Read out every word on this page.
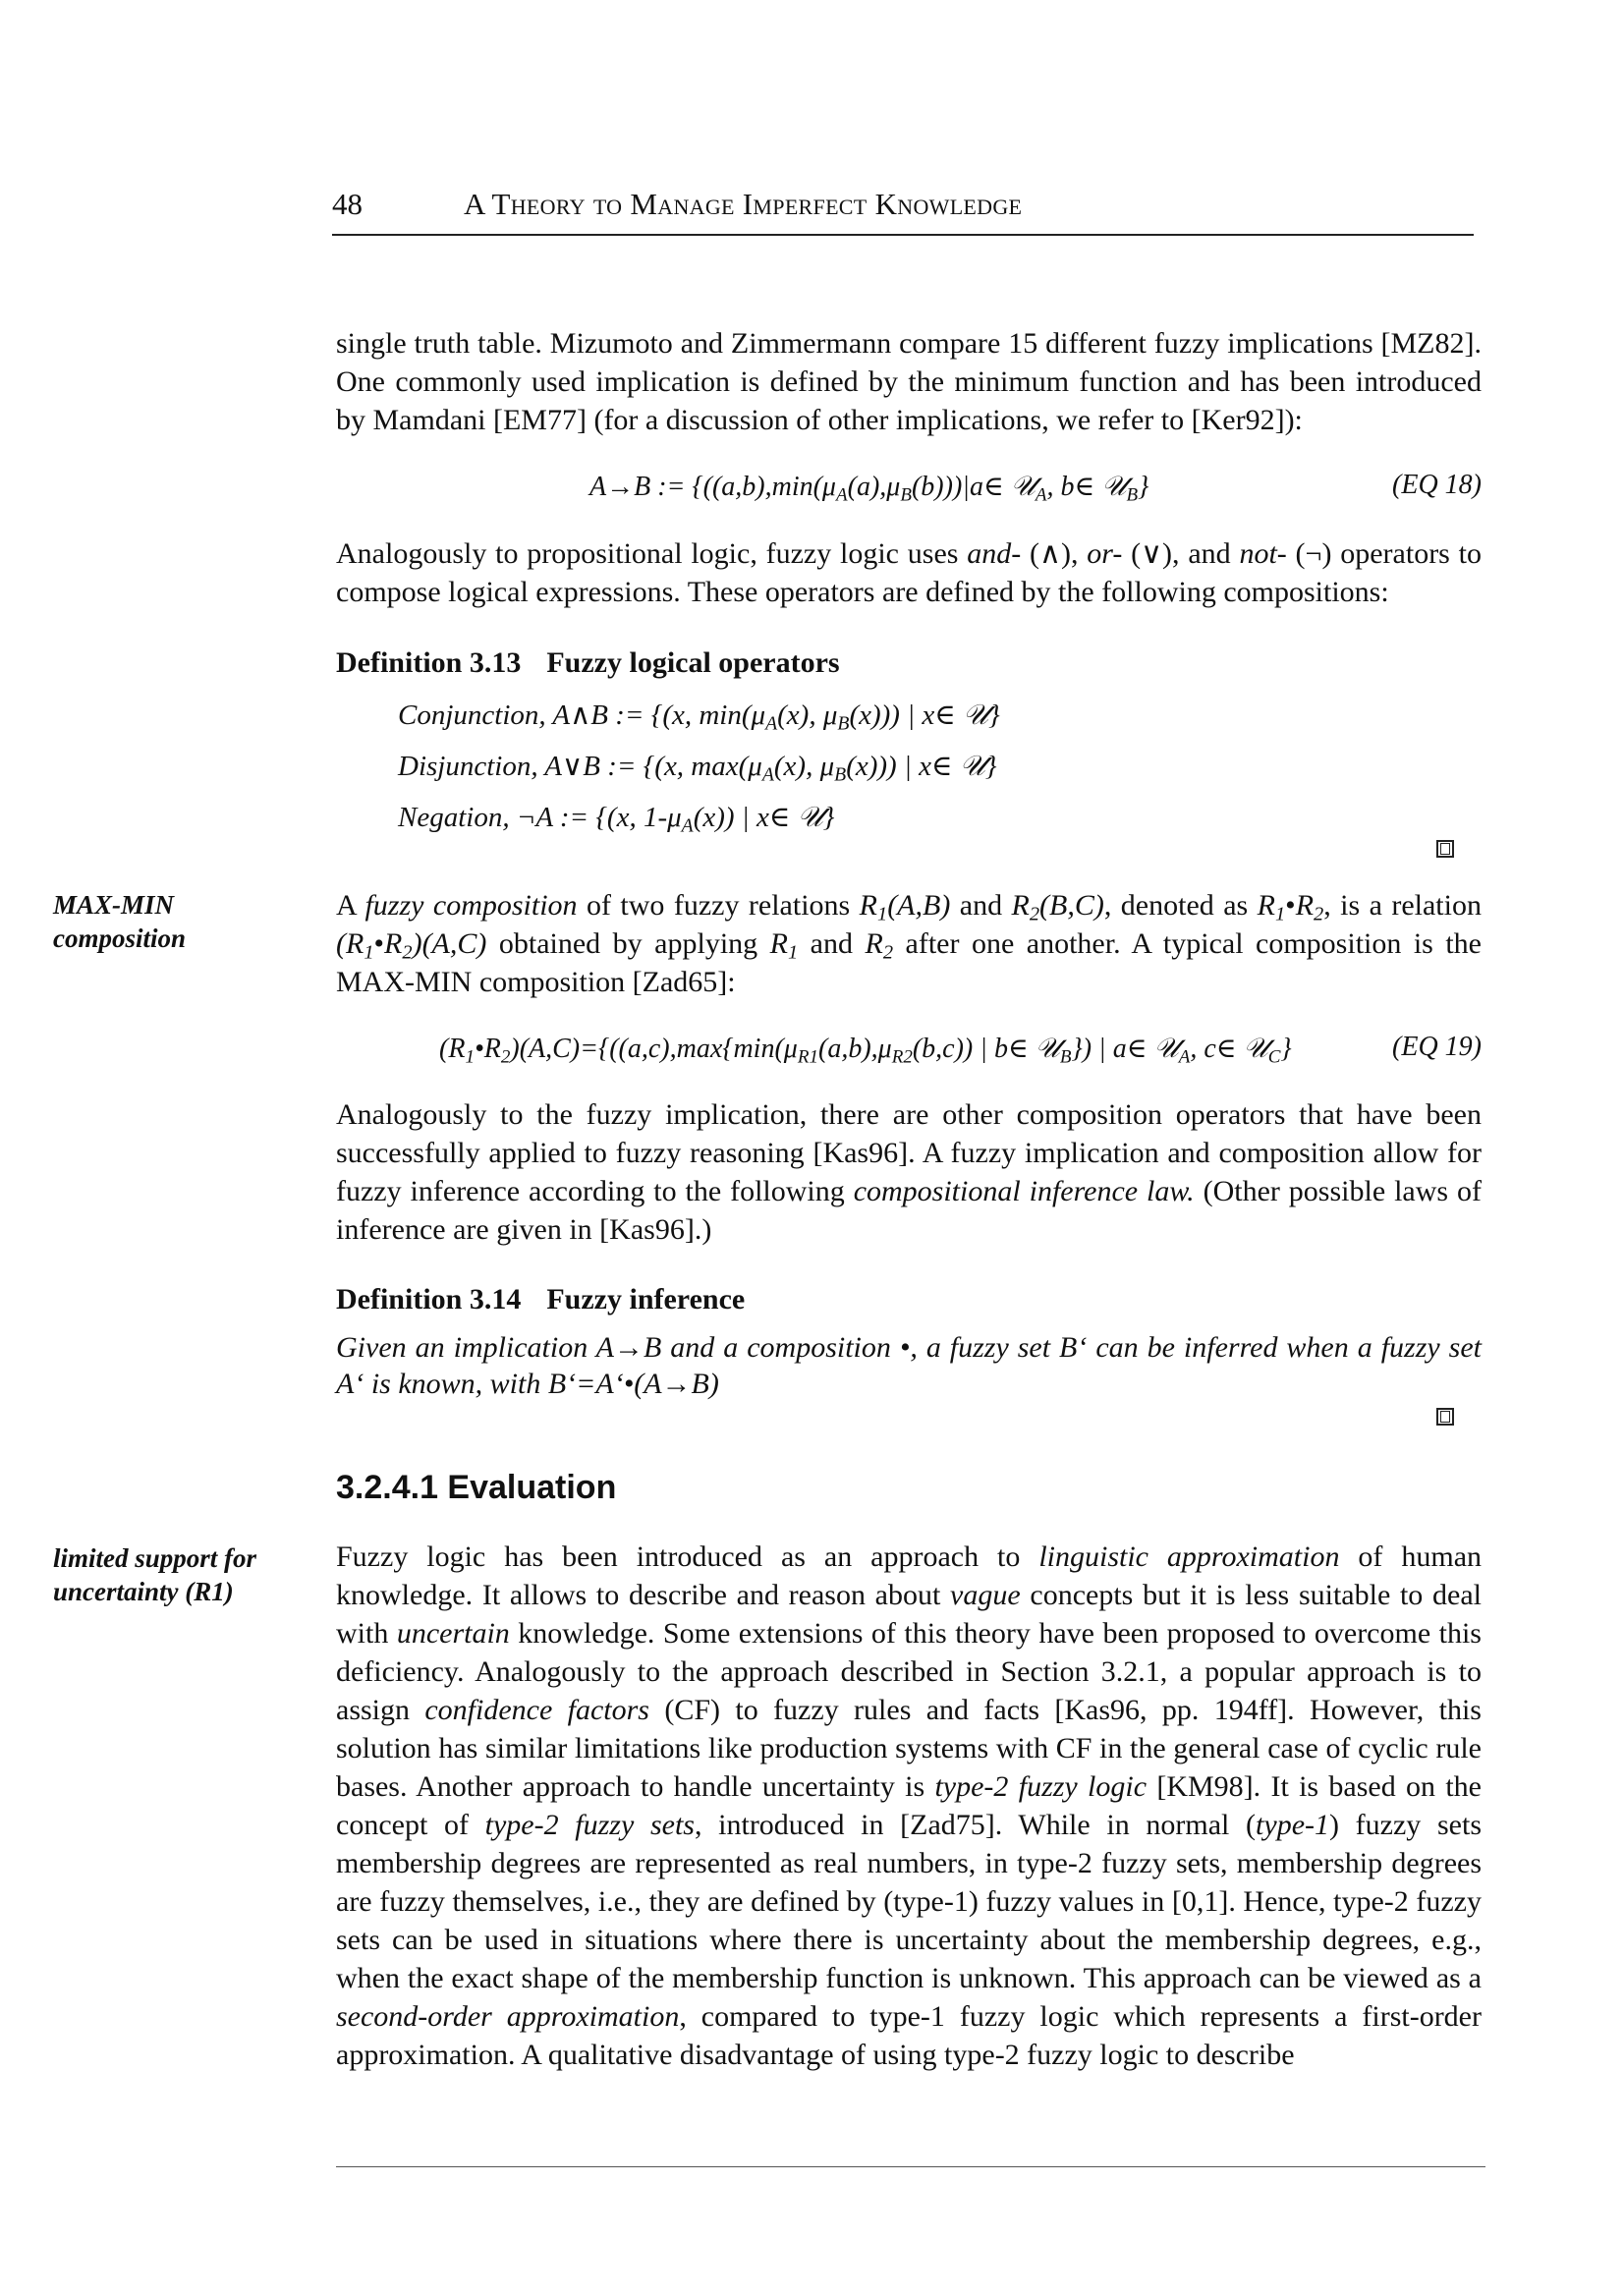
48	A Theory to Manage Imperfect Knowledge
single truth table. Mizumoto and Zimmermann compare 15 different fuzzy implications [MZ82]. One commonly used implication is defined by the minimum function and has been introduced by Mamdani [EM77] (for a discussion of other implications, we refer to [Ker92]):
A→B := {$((a,b),\min(\mu_A(a),\mu_B(b)))|a\in$ 𝒰$_A$, b∈ 𝒰$_B$}	(EQ 18)
Analogously to propositional logic, fuzzy logic uses and- (∧), or- (∨), and not- (¬) operators to compose logical expressions. These operators are defined by the following compositions:
Definition 3.13 Fuzzy logical operators
Conjunction, A∧B := {(x, $\min(\mu_A(x)$, $\mu_B(x)$)) | x∈ 𝒰}
Disjunction, A∨B := {(x, $\max(\mu_A(x)$, $\mu_B(x)$)) | x∈ 𝒰}
Negation, ¬A := {(x, $1-\mu_A(x)$) | x∈ 𝒰}
MAX-MIN composition
A fuzzy composition of two fuzzy relations $R_1(A,B)$ and $R_2(B,C)$, denoted as $R_1•R_2$, is a relation $(R_1•R_2)(A,C)$ obtained by applying $R_1$ and $R_2$ after one another. A typical composition is the MAX-MIN composition [Zad65]:
$(R_1•R_2)(A,C)=\{((a,c),\max\{\min(\mu_{R1}(a,b),\mu_{R2}(b,c))$ | b∈ 𝒰$_B$}) | a∈ 𝒰$_A$, c∈ 𝒰$_C$}	(EQ 19)
Analogously to the fuzzy implication, there are other composition operators that have been successfully applied to fuzzy reasoning [Kas96]. A fuzzy implication and composition allow for fuzzy inference according to the following compositional inference law. (Other possible laws of inference are given in [Kas96].)
Definition 3.14 Fuzzy inference
Given an implication A→B and a composition •, a fuzzy set B‘ can be inferred when a fuzzy set A‘ is known, with B‘=A‘•(A→B)
3.2.4.1 Evaluation
limited support for uncertainty (R1)
Fuzzy logic has been introduced as an approach to linguistic approximation of human knowledge. It allows to describe and reason about vague concepts but it is less suitable to deal with uncertain knowledge. Some extensions of this theory have been proposed to overcome this deficiency. Analogously to the approach described in Section 3.2.1, a popular approach is to assign confidence factors (CF) to fuzzy rules and facts [Kas96, pp. 194ff]. However, this solution has similar limitations like production systems with CF in the general case of cyclic rule bases. Another approach to handle uncertainty is type-2 fuzzy logic [KM98]. It is based on the concept of type-2 fuzzy sets, introduced in [Zad75]. While in normal (type-1) fuzzy sets membership degrees are represented as real numbers, in type-2 fuzzy sets, membership degrees are fuzzy themselves, i.e., they are defined by (type-1) fuzzy values in [0,1]. Hence, type-2 fuzzy sets can be used in situations where there is uncertainty about the membership degrees, e.g., when the exact shape of the membership function is unknown. This approach can be viewed as a second-order approximation, compared to type-1 fuzzy logic which represents a first-order approximation. A qualitative disadvantage of using type-2 fuzzy logic to describe
